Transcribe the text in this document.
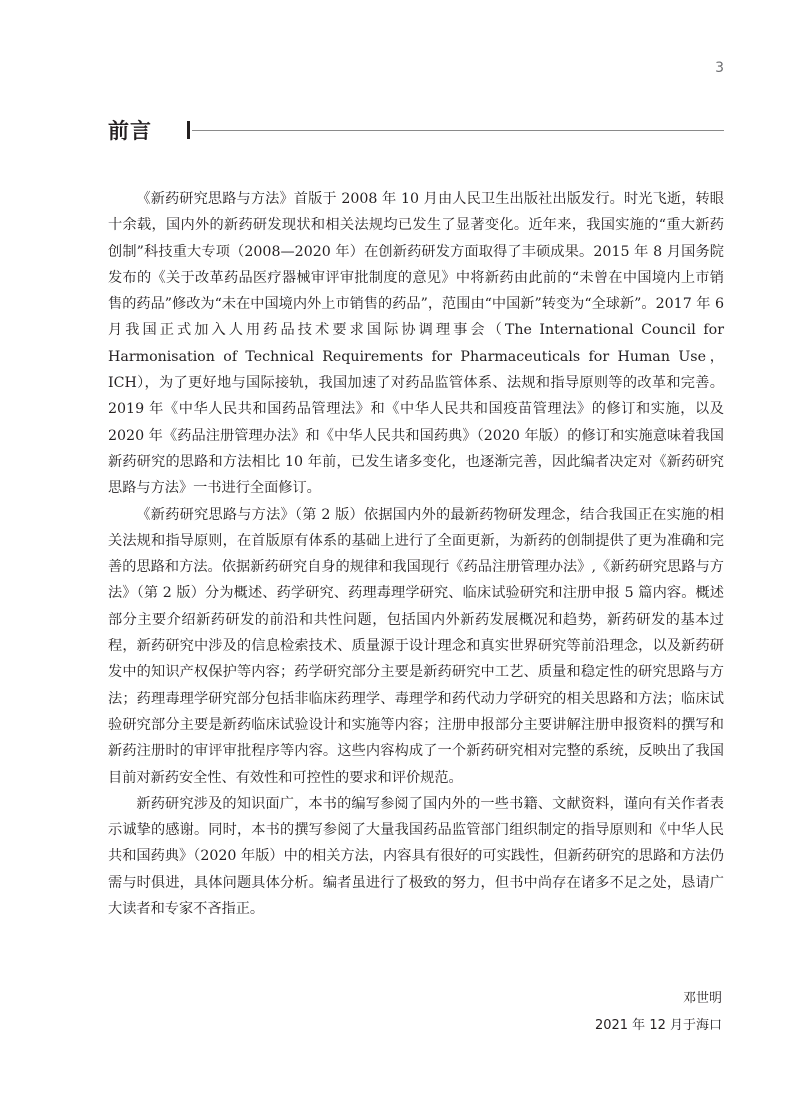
3
前言

《新药研究思路与方法》首版于 2008 年 10 月由人民卫生出版社出版发行。时光飞逝，转眼十余载，国内外的新药研发现状和相关法规均已发生了显著变化。近年来，我国实施的“重大新药创制”科技重大专项（2008—2020 年）在创新药研发方面取得了丰硕成果。2015 年 8 月国务院发布的《关于改革药品医疗器械审评审批制度的意见》中将新药由此前的“未曾在中国境内上市销售的药品”修改为“未在中国境内外上市销售的药品”，范围由“中国新”转变为“全球新”。2017 年 6 月我国正式加入人用药品技术要求国际协调理事会（The International Council for Harmonisation of Technical Requirements for Pharmaceuticals for Human Use，ICH），为了更好地与国际接轨，我国加速了对药品监管体系、法规和指导原则等的改革和完善。2019 年《中华人民共和国药品管理法》和《中华人民共和国疫苗管理法》的修订和实施，以及 2020 年《药品注册管理办法》和《中华人民共和国药典》（2020 年版）的修订和实施意味着我国新药研究的思路和方法相比 10 年前，已发生诸多变化，也逐渐完善，因此编者决定对《新药研究思路与方法》一书进行全面修订。

《新药研究思路与方法》（第 2 版）依据国内外的最新药物研发理念，结合我国正在实施的相关法规和指导原则，在首版原有体系的基础上进行了全面更新，为新药的创制提供了更为准确和完善的思路和方法。依据新药研究自身的规律和我国现行《药品注册管理办法》,《新药研究思路与方法》（第 2 版）分为概述、药学研究、药理毒理学研究、临床试验研究和注册申报 5 篇内容。概述部分主要介绍新药研发的前沿和共性问题，包括国内外新药发展概况和趋势，新药研发的基本过程，新药研究中涉及的信息检索技术、质量源于设计理念和真实世界研究等前沿理念，以及新药研发中的知识产权保护等内容；药学研究部分主要是新药研究中工艺、质量和稳定性的研究思路与方法；药理毒理学研究部分包括非临床药理学、毒理学和药代动力学研究的相关思路和方法；临床试验研究部分主要是新药临床试验设计和实施等内容；注册申报部分主要讲解注册申报资料的撰写和新药注册时的审评审批程序等内容。这些内容构成了一个新药研究相对完整的系统，反映出了我国目前对新药安全性、有效性和可控性的要求和评价规范。

新药研究涉及的知识面广，本书的编写参阅了国内外的一些书籍、文献资料，谨向有关作者表示诚挚的感谢。同时，本书的撰写参阅了大量我国药品监管部门组织制定的指导原则和《中华人民共和国药典》（2020 年版）中的相关方法，内容具有很好的可实践性，但新药研究的思路和方法仍需与时俱进，具体问题具体分析。编者虽进行了极致的努力，但书中尚存在诸多不足之处，恳请广大读者和专家不吝指正。

邓世明
2021 年 12 月于海口
